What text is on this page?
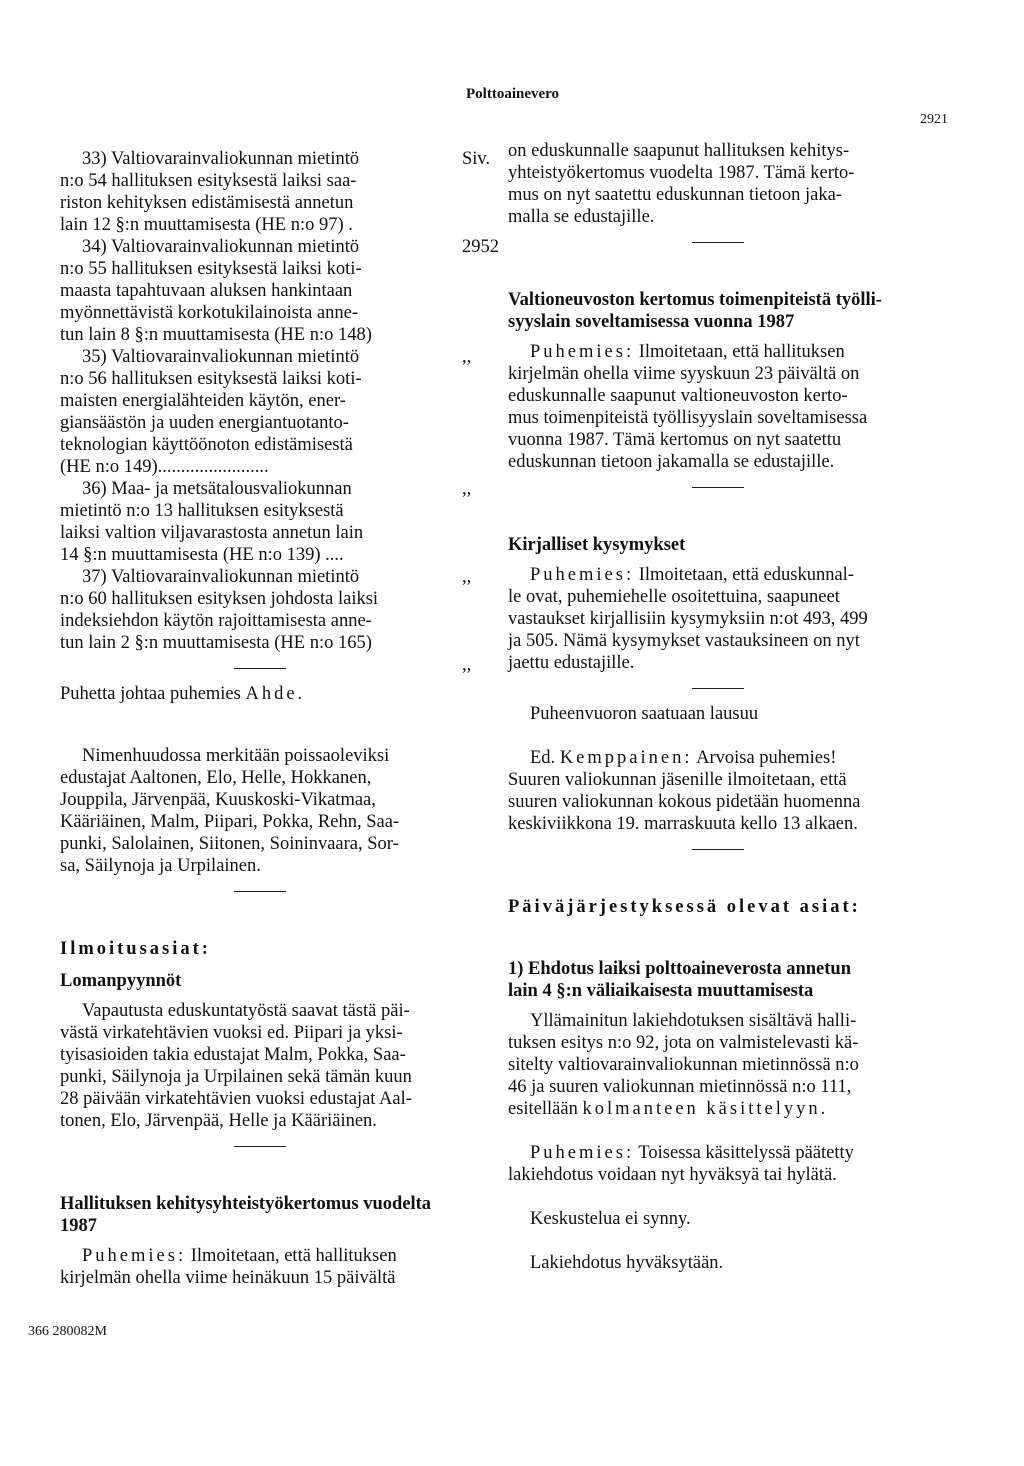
Polttoainevero
2921
33) Valtiovarainvaliokunnan mietintö
n:o 54 hallituksen esityksestä laiksi saa-
riston kehityksen edistämisestä annetun
lain 12 §:n muuttamisesta (HE n:o 97) .
34) Valtiovarainvaliokunnan mietintö
n:o 55 hallituksen esityksestä laiksi koti-
maasta tapahtuvaan aluksen hankintaan
myönnettävistä korkotukilainoista anne-
tun lain 8 §:n muuttamisesta (HE n:o 148)
35) Valtiovarainvaliokunnan mietintö
n:o 56 hallituksen esityksestä laiksi koti-
maisten energialähteiden käytön, ener-
giansäästön ja uuden energiantuotanto-
teknologian käyttöönoton edistämisestä
(HE n:o 149)........................
36) Maa- ja metsätalousvaliokunnan
mietintö n:o 13 hallituksen esityksestä
laiksi valtion viljavarastosta annetun lain
14 §:n muuttamisesta (HE n:o 139) ....
37) Valtiovarainvaliokunnan mietintö
n:o 60 hallituksen esityksen johdosta laiksi
indeksiehdon käytön rajoittamisesta anne-
tun lain 2 §:n muuttamisesta (HE n:o 165)

Puhetta johtaa puhemies Ahde.

Nimenhuudossa merkitään poissaoleviksi
edustajat Aaltonen, Elo, Helle, Hokkanen,
Jouppila, Järvenpää, Kuuskoski-Vikatmaa,
Kääriäinen, Malm, Piipari, Pokka, Rehn, Saa-
punki, Salolainen, Siitonen, Soininvaara, Sor-
sa, Säilynoja ja Urpilainen.
Ilmoitusasiat:
Lomanpyynnöt
Vapautusta eduskuntatyöstä saavat tästä päi-
västä virkatehtävien vuoksi ed. Piipari ja yksi-
tyisasioiden takia edustajat Malm, Pokka, Saa-
punki, Säilynoja ja Urpilainen sekä tämän kuun
28 päivään virkatehtävien vuoksi edustajat Aal-
tonen, Elo, Järvenpää, Helle ja Kääriäinen.
Hallituksen kehitysyhteistyökertomus vuodelta
1987
Puhemies: Ilmoitetaan, että hallituksen
kirjelmän ohella viime heinäkuun 15 päivältä
Siv.
2952
,,
,,
,,
,,
on eduskunnalle saapunut hallituksen kehitys-
yhteistyökertomus vuodelta 1987. Tämä kerto-
mus on nyt saatettu eduskunnan tietoon jaka-
malla se edustajille.
Valtioneuvoston kertomus toimenpiteistä työlli-
syyslain soveltamisessa vuonna 1987
Puhemies: Ilmoitetaan, että hallituksen
kirjelmän ohella viime syyskuun 23 päivältä on
eduskunnalle saapunut valtioneuvoston kerto-
mus toimenpiteistä työllisyyslain soveltamisessa
vuonna 1987. Tämä kertomus on nyt saatettu
eduskunnan tietoon jakamalla se edustajille.
Kirjalliset kysymykset
Puhemies: Ilmoitetaan, että eduskunnal-
le ovat, puhemiehelle osoitettuina, saapuneet
vastaukset kirjallisiin kysymyksiin n:ot 493, 499
ja 505. Nämä kysymykset vastauksineen on nyt
jaettu edustajille.
Puheenvuoron saatuaan lausuu
Ed. Kemppainen: Arvoisa puhemies!
Suuren valiokunnan jäsenille ilmoitetaan, että
suuren valiokunnan kokous pidetään huomenna
keskiviikkona 19. marraskuuta kello 13 alkaen.
Päiväjärjestyksessä olevat asiat:
1) Ehdotus laiksi polttoaineverosta annetun
lain 4 §:n väliaikaisesta muuttamisesta
Yllämainitun lakiehdotuksen sisältävä halli-
tuksen esitys n:o 92, jota on valmistelevasti kä-
sitelty valtiovarainvaliokunnan mietinnössä n:o
46 ja suuren valiokunnan mietinnössä n:o 111,
esitellään kolmanteen käsittelyyn.
Puhemies: Toisessa käsittelyssä päätetty
lakiehdotus voidaan nyt hyväksyä tai hylätä.
Keskustelua ei synny.
Lakiehdotus hyväksytään.
366 280082M
